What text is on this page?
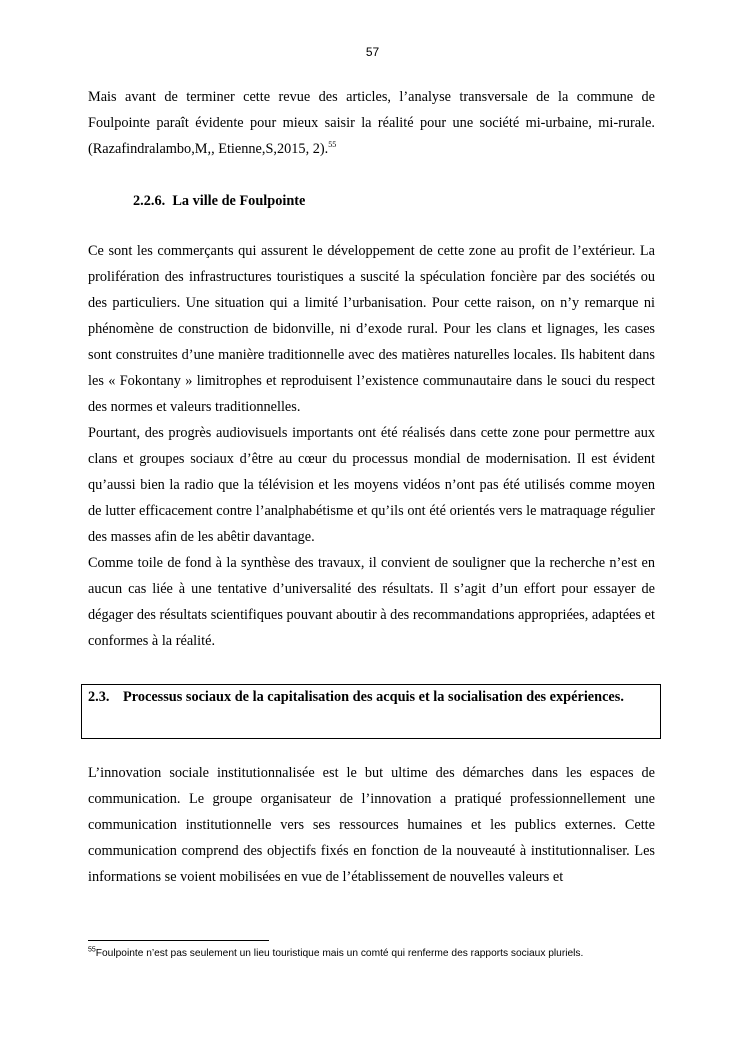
57

Mais avant de terminer cette revue des articles, l’analyse transversale de la commune de Foulpointe paraît évidente pour mieux saisir la réalité pour une société mi-urbaine, mi-rurale. (Razafindralambo,M,, Etienne,S,2015, 2).$^{55}$

2.2.6. La ville de Foulpointe

Ce sont les commerçants qui assurent le développement de cette zone au profit de l’extérieur. La prolifération des infrastructures touristiques a suscité la spéculation foncière par des sociétés ou des particuliers. Une situation qui a limité l’urbanisation. Pour cette raison, on n’y remarque ni phénomène de construction de bidonville, ni d’exode rural. Pour les clans et lignages, les cases sont construites d’une manière traditionnelle avec des matières naturelles locales. Ils habitent dans les « Fokontany » limitrophes et reproduisent l’existence communautaire dans le souci du respect des normes et valeurs traditionnelles.

Pourtant, des progrès audiovisuels importants ont été réalisés dans cette zone pour permettre aux clans et groupes sociaux d’être au cœur du processus mondial de modernisation. Il est évident qu’aussi bien la radio que la télévision et les moyens vidéos n’ont pas été utilisés comme moyen de lutter efficacement contre l’analphabétisme et qu’ils ont été orientés vers le matraquage régulier des masses afin de les abêtir davantage.

Comme toile de fond à la synthèse des travaux, il convient de souligner que la recherche n’est en aucun cas liée à une tentative d’universalité des résultats. Il s’agit d’un effort pour essayer de dégager des résultats scientifiques pouvant aboutir à des recommandations appropriées, adaptées et conformes à la réalité.

2.3. Processus sociaux de la capitalisation des acquis et la socialisation des expériences.

L’innovation sociale institutionnalisée est le but ultime des démarches dans les espaces de communication. Le groupe organisateur de l’innovation a pratiqué professionnellement une communication institutionnelle vers ses ressources humaines et les publics externes. Cette communication comprend des objectifs fixés en fonction de la nouveauté à institutionnaliser. Les informations se voient mobilisées en vue de l’établissement de nouvelles valeurs et

$^{55}$Foulpointe n’est pas seulement un lieu touristique mais un comté qui renferme des rapports sociaux pluriels.
